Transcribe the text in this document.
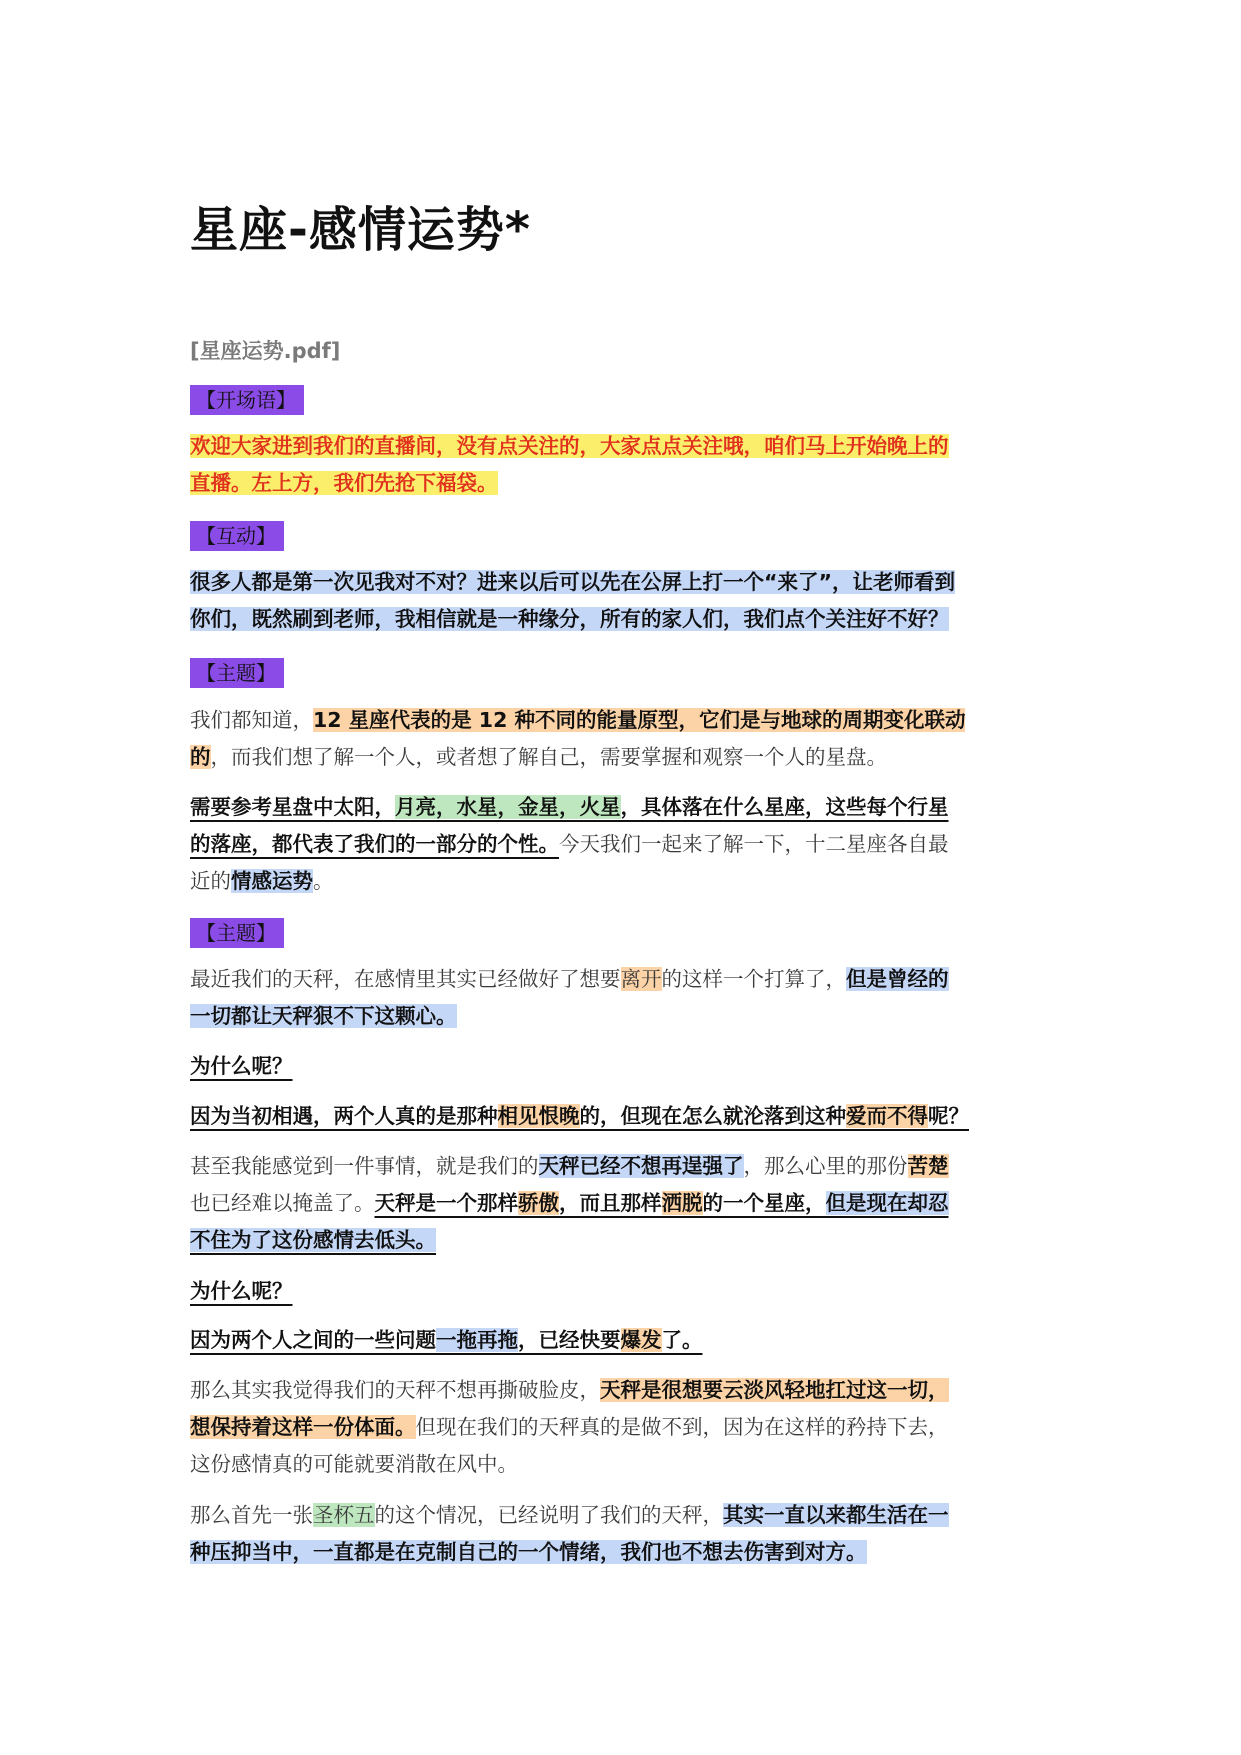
星座-感情运势*
[星座运势.pdf]
【开场语】
欢迎大家进到我们的直播间，没有点关注的，大家点点关注哦，咱们马上开始晚上的
直播。左上方，我们先抢下福袋。
【互动】
很多人都是第一次见我对不对？进来以后可以先在公屏上打一个“来了”，让老师看到
你们，既然刷到老师，我相信就是一种缘分，所有的家人们，我们点个关注好不好？
【主题】
我们都知道，12 星座代表的是 12 种不同的能量原型，它们是与地球的周期变化联动
的，而我们想了解一个人，或者想了解自己，需要掌握和观察一个人的星盘。
需要参考星盘中太阳，月亮，水星，金星，火星，具体落在什么星座，这些每个行星
的落座，都代表了我们的一部分的个性。今天我们一起来了解一下，十二星座各自最
近的情感运势。
【主题】
最近我们的天秤，在感情里其实已经做好了想要离开的这样一个打算了，但是曾经的
一切都让天秤狠不下这颗心。
为什么呢？
因为当初相遇，两个人真的是那种相见恨晚的，但现在怎么就沦落到这种爱而不得呢？
甚至我能感觉到一件事情，就是我们的天秤已经不想再逞强了，那么心里的那份苦楚
也已经难以掩盖了。天秤是一个那样骄傲，而且那样洒脱的一个星座，但是现在却忍
不住为了这份感情去低头。
为什么呢？
因为两个人之间的一些问题一拖再拖，已经快要爆发了。
那么其实我觉得我们的天秤不想再撕破脸皮，天秤是很想要云淡风轻地扛过这一切，
想保持着这样一份体面。但现在我们的天秤真的是做不到，因为在这样的矜持下去，
这份感情真的可能就要消散在风中。
那么首先一张圣杯五的这个情况，已经说明了我们的天秤，其实一直以来都生活在一
种压抑当中，一直都是在克制自己的一个情绪，我们也不想去伤害到对方。
